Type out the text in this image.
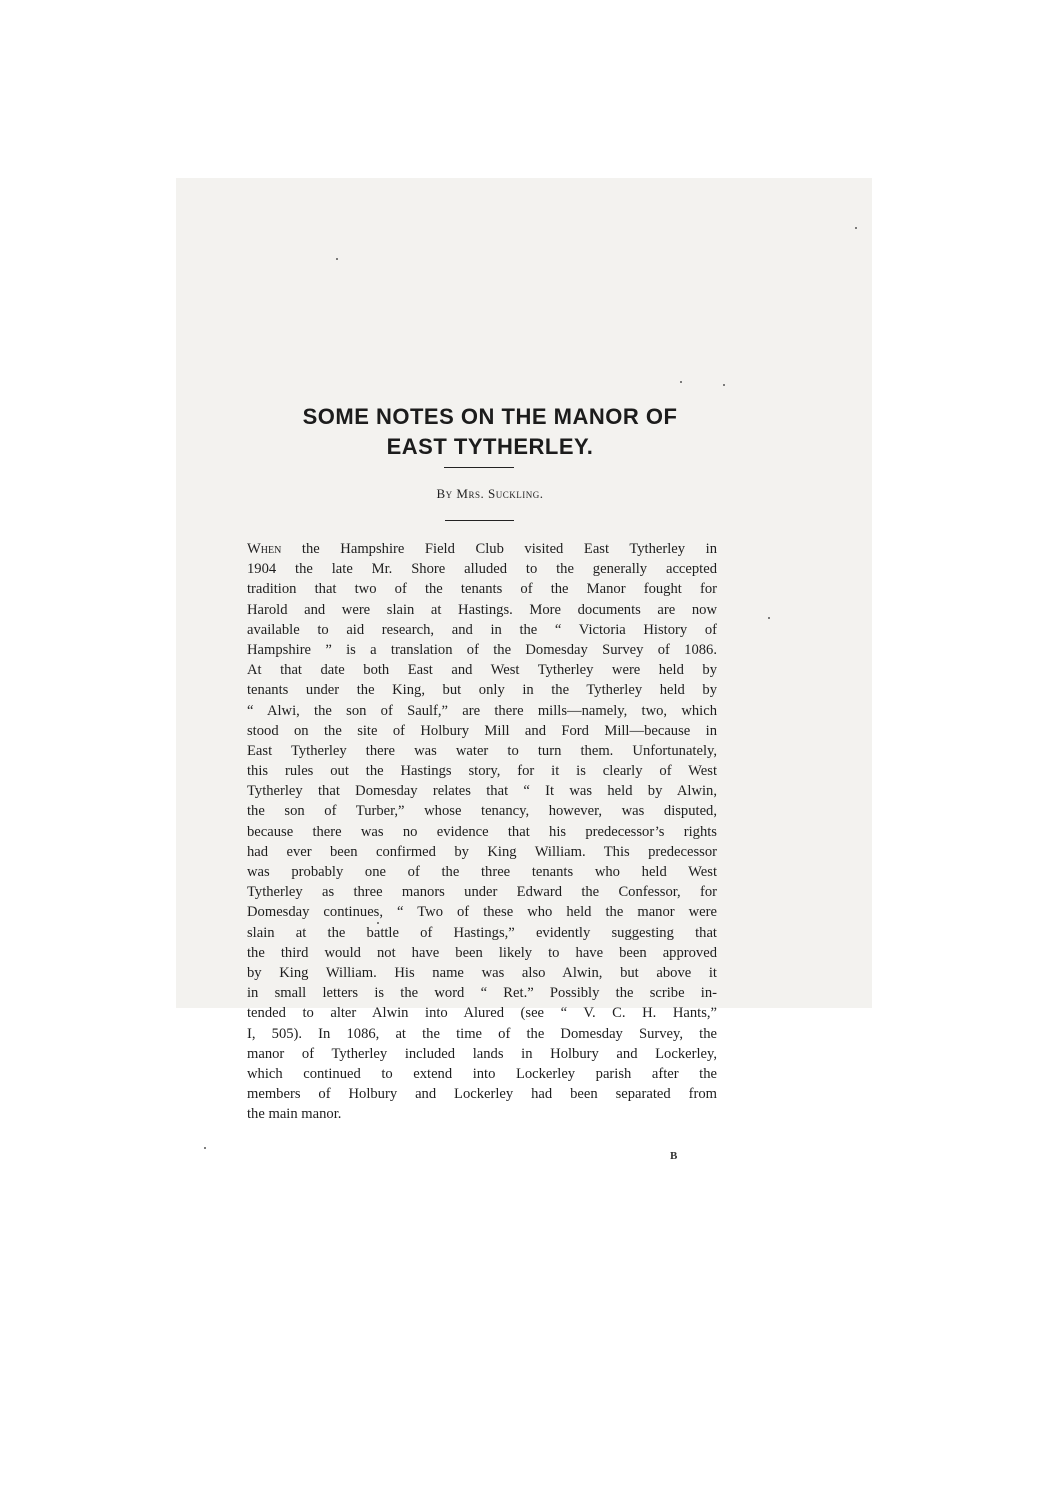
SOME NOTES ON THE MANOR OF
EAST TYTHERLEY.
By Mrs. Suckling.
When the Hampshire Field Club visited East Tytherley in
1904 the late Mr. Shore alluded to the generally accepted
tradition that two of the tenants of the Manor fought for
Harold and were slain at Hastings. More documents are now
available to aid research, and in the “ Victoria History of
Hampshire ” is a translation of the Domesday Survey of 1086.
At that date both East and West Tytherley were held by
tenants under the King, but only in the Tytherley held by
“ Alwi, the son of Saulf,” are there mills—namely, two, which
stood on the site of Holbury Mill and Ford Mill—because in
East Tytherley there was water to turn them. Unfortunately,
this rules out the Hastings story, for it is clearly of West
Tytherley that Domesday relates that “ It was held by Alwin,
the son of Turber,” whose tenancy, however, was disputed,
because there was no evidence that his predecessor’s rights
had ever been confirmed by King William. This predecessor
was probably one of the three tenants who held West
Tytherley as three manors under Edward the Confessor, for
Domesday continues, “ Two of these who held the manor were
slain at the battle of Hastings,” evidently suggesting that
the third would not have been likely to have been approved
by King William. His name was also Alwin, but above it
in small letters is the word “ Ret.” Possibly the scribe in-
tended to alter Alwin into Alured (see “ V. C. H. Hants,”
I, 505). In 1086, at the time of the Domesday Survey, the
manor of Tytherley included lands in Holbury and Lockerley,
which continued to extend into Lockerley parish after the
members of Holbury and Lockerley had been separated from
the main manor.
B
